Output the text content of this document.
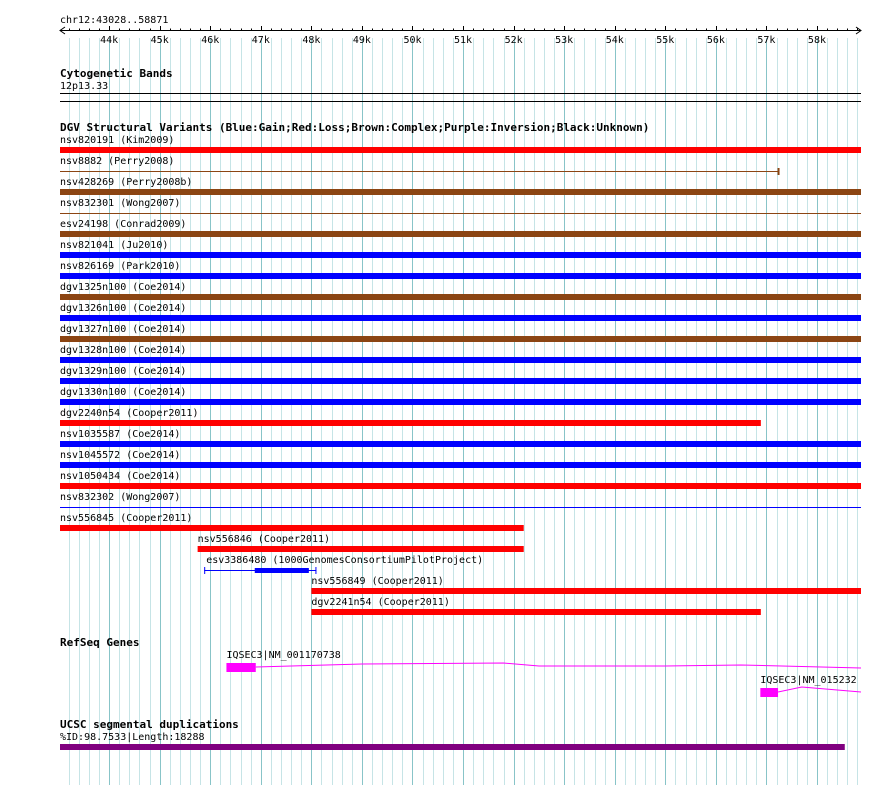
chr12:43028..58871
44k	45k	46k	47k	48k	49k	50k	51k	52k	53k	54k	55k	56k	57k	58k
Cytogenetic Bands
12p13.33
DGV Structural Variants (Blue:Gain;Red:Loss;Brown:Complex;Purple:Inversion;Black:Unknown)
nsv820191 (Kim2009)
nsv8882 (Perry2008)
nsv428269 (Perry2008b)
nsv832301 (Wong2007)
esv24198 (Conrad2009)
nsv821041 (Ju2010)
nsv826169 (Park2010)
dgv1325n100 (Coe2014)
dgv1326n100 (Coe2014)
dgv1327n100 (Coe2014)
dgv1328n100 (Coe2014)
dgv1329n100 (Coe2014)
dgv1330n100 (Coe2014)
dgv2240n54 (Cooper2011)
nsv1035587 (Coe2014)
nsv1045572 (Coe2014)
nsv1050434 (Coe2014)
nsv832302 (Wong2007)
nsv556845 (Cooper2011)
nsv556846 (Cooper2011)
esv3386480 (1000GenomesConsortiumPilotProject)
nsv556849 (Cooper2011)
dgv2241n54 (Cooper2011)
RefSeq Genes
IQSEC3|NM_001170738
IQSEC3|NM_015232
UCSC segmental duplications
%ID:98.7533|Length:18288
